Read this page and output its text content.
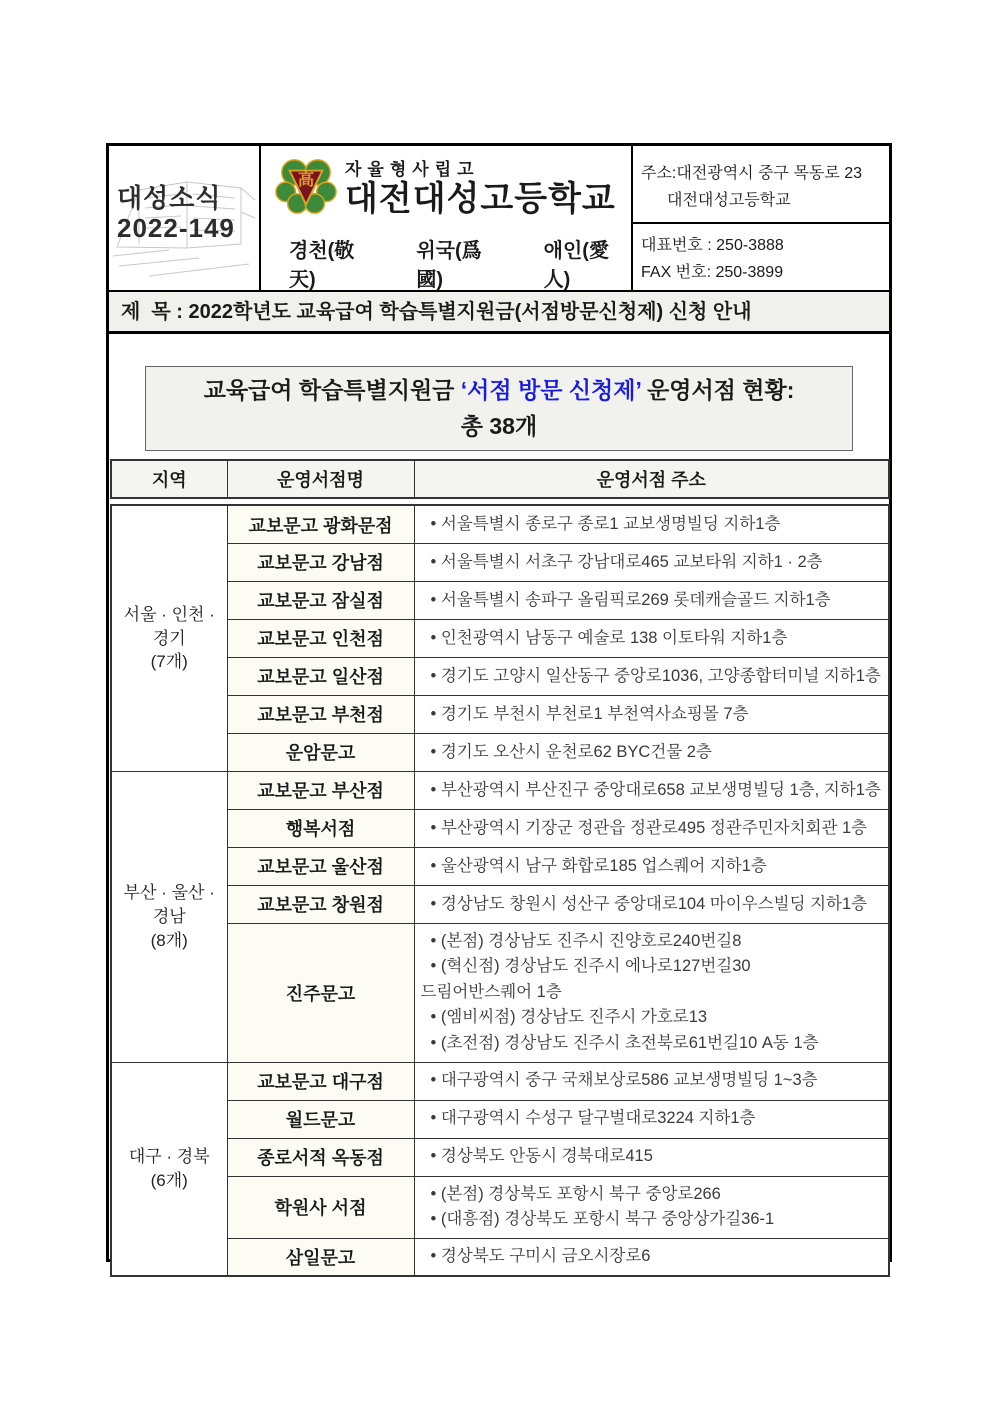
대성소식
2022-149
高
자율형사립고
대전대성고등학교
경천(敬天)
위국(爲國)
애인(愛人)
주소:대전광역시 중구 목동로 23
대전대성고등학교
대표번호 : 250-3888
FAX 번호: 250-3899
제  목 : 2022학년도 교육급여 학습특별지원금(서점방문신청제) 신청 안내
교육급여 학습특별지원금 ‘서점 방문 신청제’ 운영서점 현황:
총 38개
지역	운영서점명	운영서점 주소
서울 · 인천 ·
경기
(7개)	교보문고 광화문점	• 서울특별시 종로구 종로1 교보생명빌딩 지하1층

	교보문고 강남점	• 서울특별시 서초구 강남대로465 교보타워 지하1 · 2층

	교보문고 잠실점	• 서울특별시 송파구 올림픽로269 롯데캐슬골드 지하1층

	교보문고 인천점	• 인천광역시 남동구 예술로 138 이토타워 지하1층

	교보문고 일산점	• 경기도 고양시 일산동구 중앙로1036, 고양종합터미널 지하1층

	교보문고 부천점	• 경기도 부천시 부천로1 부천역사쇼핑몰 7층

	운암문고	• 경기도 오산시 운천로62 BYC건물 2층

부산 · 울산 ·
경남
(8개)	교보문고 부산점	• 부산광역시 부산진구 중앙대로658 교보생명빌딩 1층, 지하1층

	행복서점	• 부산광역시 기장군 정관읍 정관로495 정관주민자치회관 1층

	교보문고 울산점	• 울산광역시 남구 화합로185 업스퀘어 지하1층

	교보문고 창원점	• 경상남도 창원시 성산구 중앙대로104 마이우스빌딩 지하1층

	진주문고	• (본점) 경상남도 진주시 진양호로240번길8
• (혁신점) 경상남도 진주시 에나로127번길30
드림어반스퀘어 1층
• (엠비씨점) 경상남도 진주시 가호로13
• (초전점) 경상남도 진주시 초전북로61번길10 A동 1층

대구 · 경북
(6개)	교보문고 대구점	• 대구광역시 중구 국채보상로586 교보생명빌딩 1~3층

	월드문고	• 대구광역시 수성구 달구벌대로3224 지하1층

	종로서적 옥동점	• 경상북도 안동시 경북대로415

	학원사 서점	• (본점) 경상북도 포항시 북구 중앙로266
• (대흥점) 경상북도 포항시 북구 중앙상가길36-1

	삼일문고	• 경상북도 구미시 금오시장로6
